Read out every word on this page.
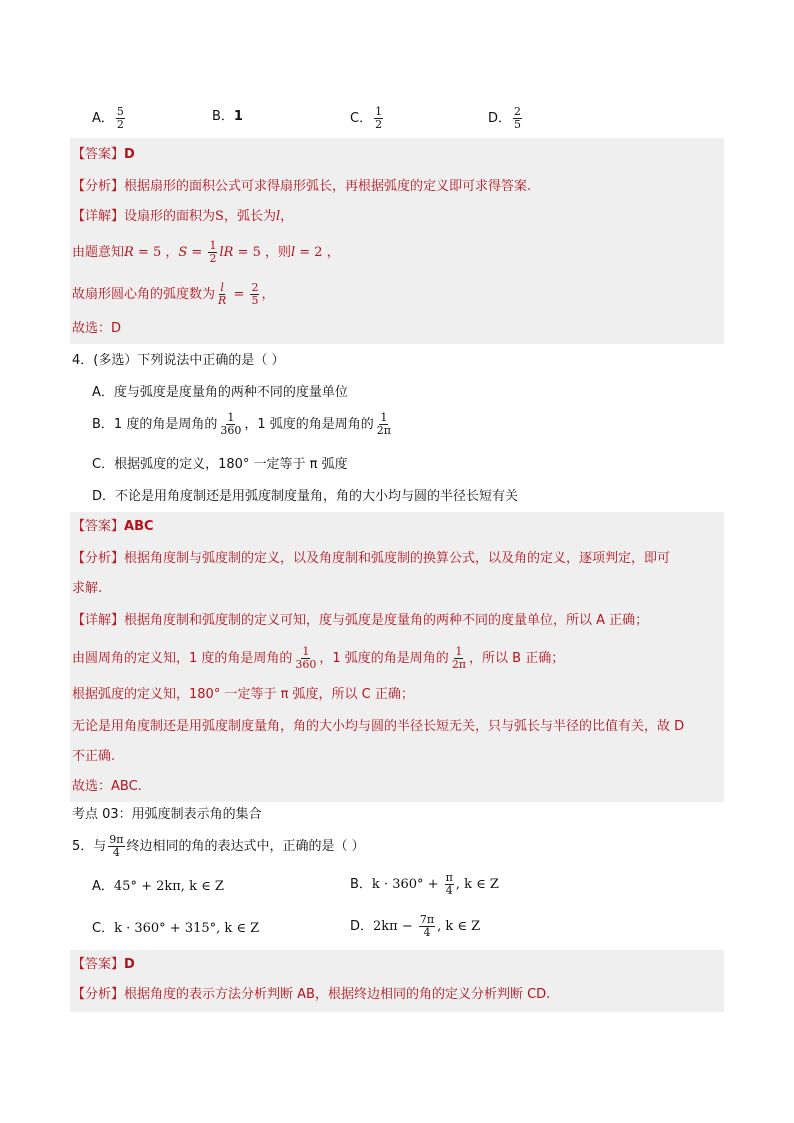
A． $\frac{5}{2}$	B．1	C． $\frac{1}{2}$	D． $\frac{2}{5}$
【答案】D
【分析】根据扇形的面积公式可求得扇形弧长，再根据弧度的定义即可求得答案.
【详解】设扇形的面积为S，弧长为l，
由题意知R = 5 ，$S = \frac{1}{2}$ lR = 5 ，则l = 2 ，
故扇形圆心角的弧度数为 $\frac{l}{R} = \frac{2}{5}$ ，
故选：D
4．(多选）下列说法中正确的是（ ）
A．度与弧度是度量角的两种不同的度量单位
B．1 度的角是周角的 $\frac{1}{360}$ ，1 弧度的角是周角的 $\frac{1}{2\pi}$
C．根据弧度的定义，180° 一定等于 π 弧度
D．不论是用角度制还是用弧度制度量角，角的大小均与圆的半径长短有关
【答案】ABC
【分析】根据角度制与弧度制的定义，以及角度制和弧度制的换算公式，以及角的定义，逐项判定，即可
求解.
【详解】根据角度制和弧度制的定义可知，度与弧度是度量角的两种不同的度量单位，所以 A 正确；
由圆周角的定义知，1 度的角是周角的 $\frac{1}{360}$ ，1 弧度的角是周角的 $\frac{1}{2\pi}$ ，所以 B 正确；
根据弧度的定义知，180° 一定等于 π 弧度，所以 C 正确；
无论是用角度制还是用弧度制度量角，角的大小均与圆的半径长短无关，只与弧长与半径的比值有关，故 D
不正确.
故选：ABC.
考点 03：用弧度制表示角的集合
5．与 $\frac{9\pi}{4}$ 终边相同的角的表达式中，正确的是（ ）
A．45° + 2kπ, k ∈ Z	B．$k \cdot 360^\circ + \frac{\pi}{4}$ , k ∈ Z
C．k · 360° + 315°, k ∈ Z	D．$2k\pi - \frac{7\pi}{4}$ , k ∈ Z
【答案】D
【分析】根据角度的表示方法分析判断 AB，根据终边相同的角的定义分析判断 CD.
